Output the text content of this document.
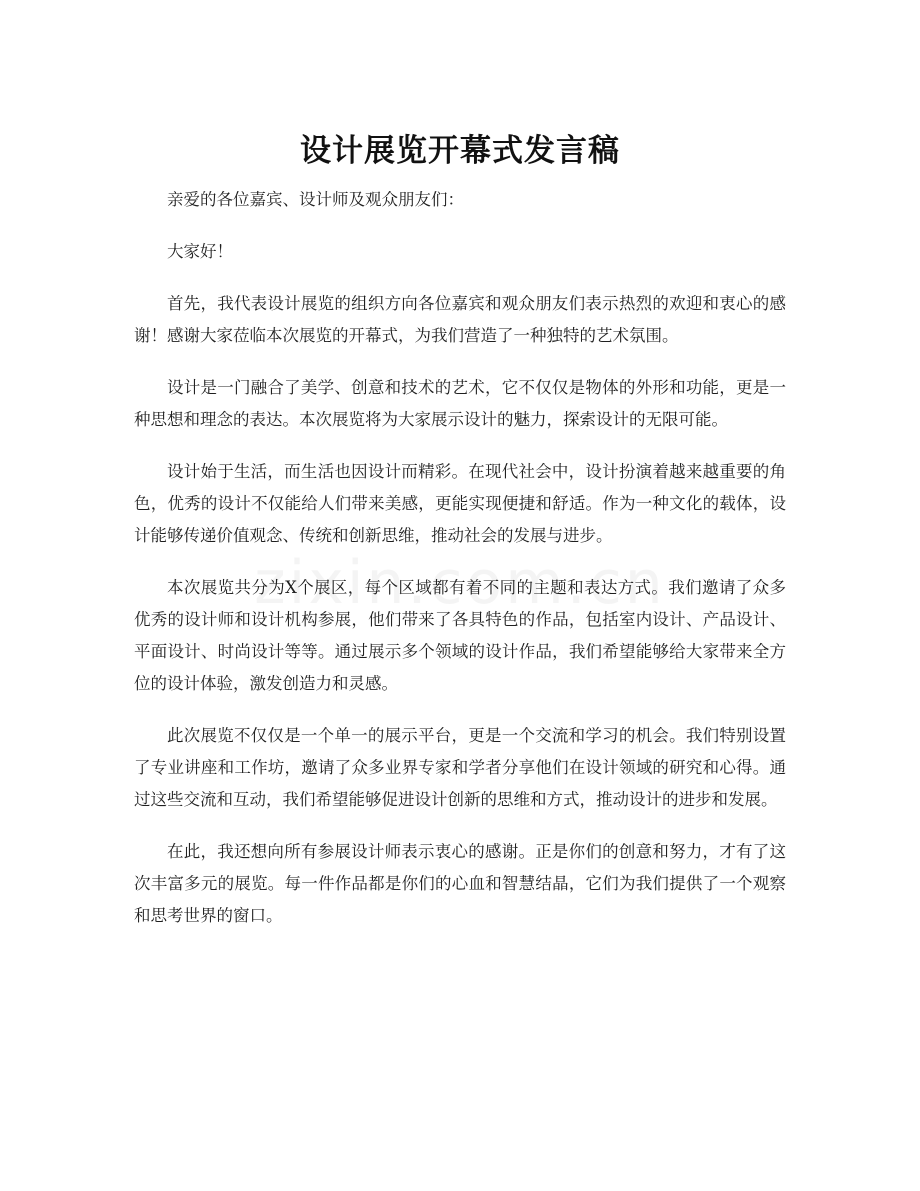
设计展览开幕式发言稿

亲爱的各位嘉宾、设计师及观众朋友们：

大家好！

首先，我代表设计展览的组织方向各位嘉宾和观众朋友们表示热烈的欢迎和衷心的感谢！感谢大家莅临本次展览的开幕式，为我们营造了一种独特的艺术氛围。

设计是一门融合了美学、创意和技术的艺术，它不仅仅是物体的外形和功能，更是一种思想和理念的表达。本次展览将为大家展示设计的魅力，探索设计的无限可能。

设计始于生活，而生活也因设计而精彩。在现代社会中，设计扮演着越来越重要的角色，优秀的设计不仅能给人们带来美感，更能实现便捷和舒适。作为一种文化的载体，设计能够传递价值观念、传统和创新思维，推动社会的发展与进步。

本次展览共分为X个展区，每个区域都有着不同的主题和表达方式。我们邀请了众多优秀的设计师和设计机构参展，他们带来了各具特色的作品，包括室内设计、产品设计、平面设计、时尚设计等等。通过展示多个领域的设计作品，我们希望能够给大家带来全方位的设计体验，激发创造力和灵感。

此次展览不仅仅是一个单一的展示平台，更是一个交流和学习的机会。我们特别设置了专业讲座和工作坊，邀请了众多业界专家和学者分享他们在设计领域的研究和心得。通过这些交流和互动，我们希望能够促进设计创新的思维和方式，推动设计的进步和发展。

在此，我还想向所有参展设计师表示衷心的感谢。正是你们的创意和努力，才有了这次丰富多元的展览。每一件作品都是你们的心血和智慧结晶，它们为我们提供了一个观察和思考世界的窗口。
